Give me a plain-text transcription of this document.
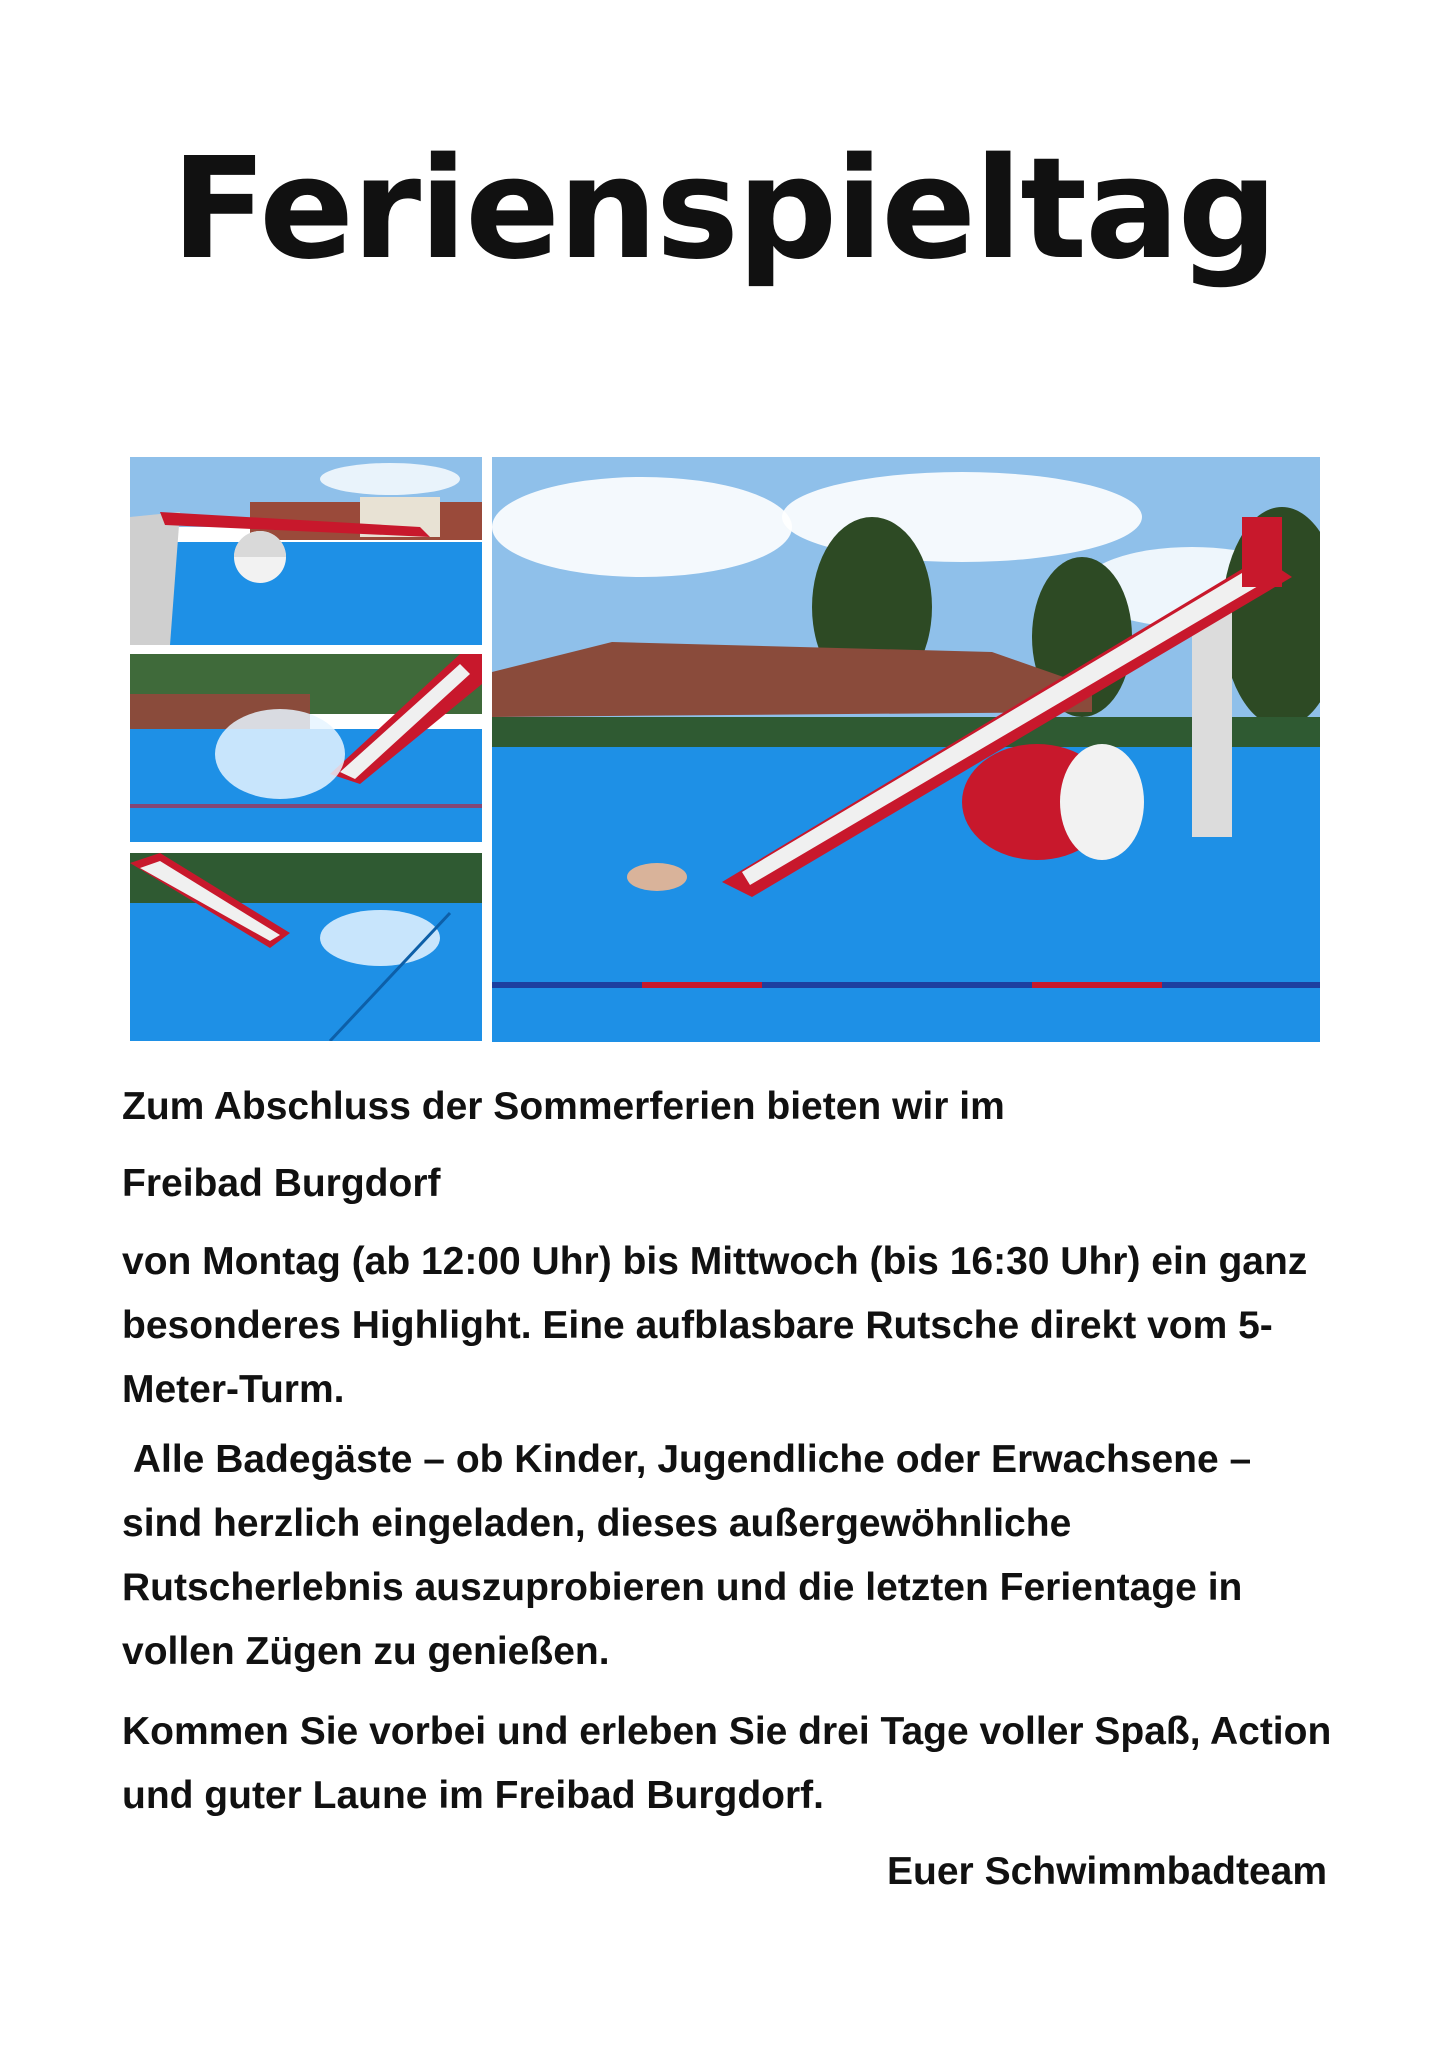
Ferienspieltag

Zum Abschluss der Sommerferien bieten wir im

Freibad Burgdorf

von Montag (ab 12:00 Uhr) bis Mittwoch (bis 16:30 Uhr) ein ganz besonderes Highlight. Eine aufblasbare Rutsche direkt vom 5-Meter-Turm.

Alle Badegäste – ob Kinder, Jugendliche oder Erwachsene – sind herzlich eingeladen, dieses außergewöhnliche Rutscherlebnis auszuprobieren und die letzten Ferientage in vollen Zügen zu genießen.

Kommen Sie vorbei und erleben Sie drei Tage voller Spaß, Action und guter Laune im Freibad Burgdorf.

Euer Schwimmbadteam
